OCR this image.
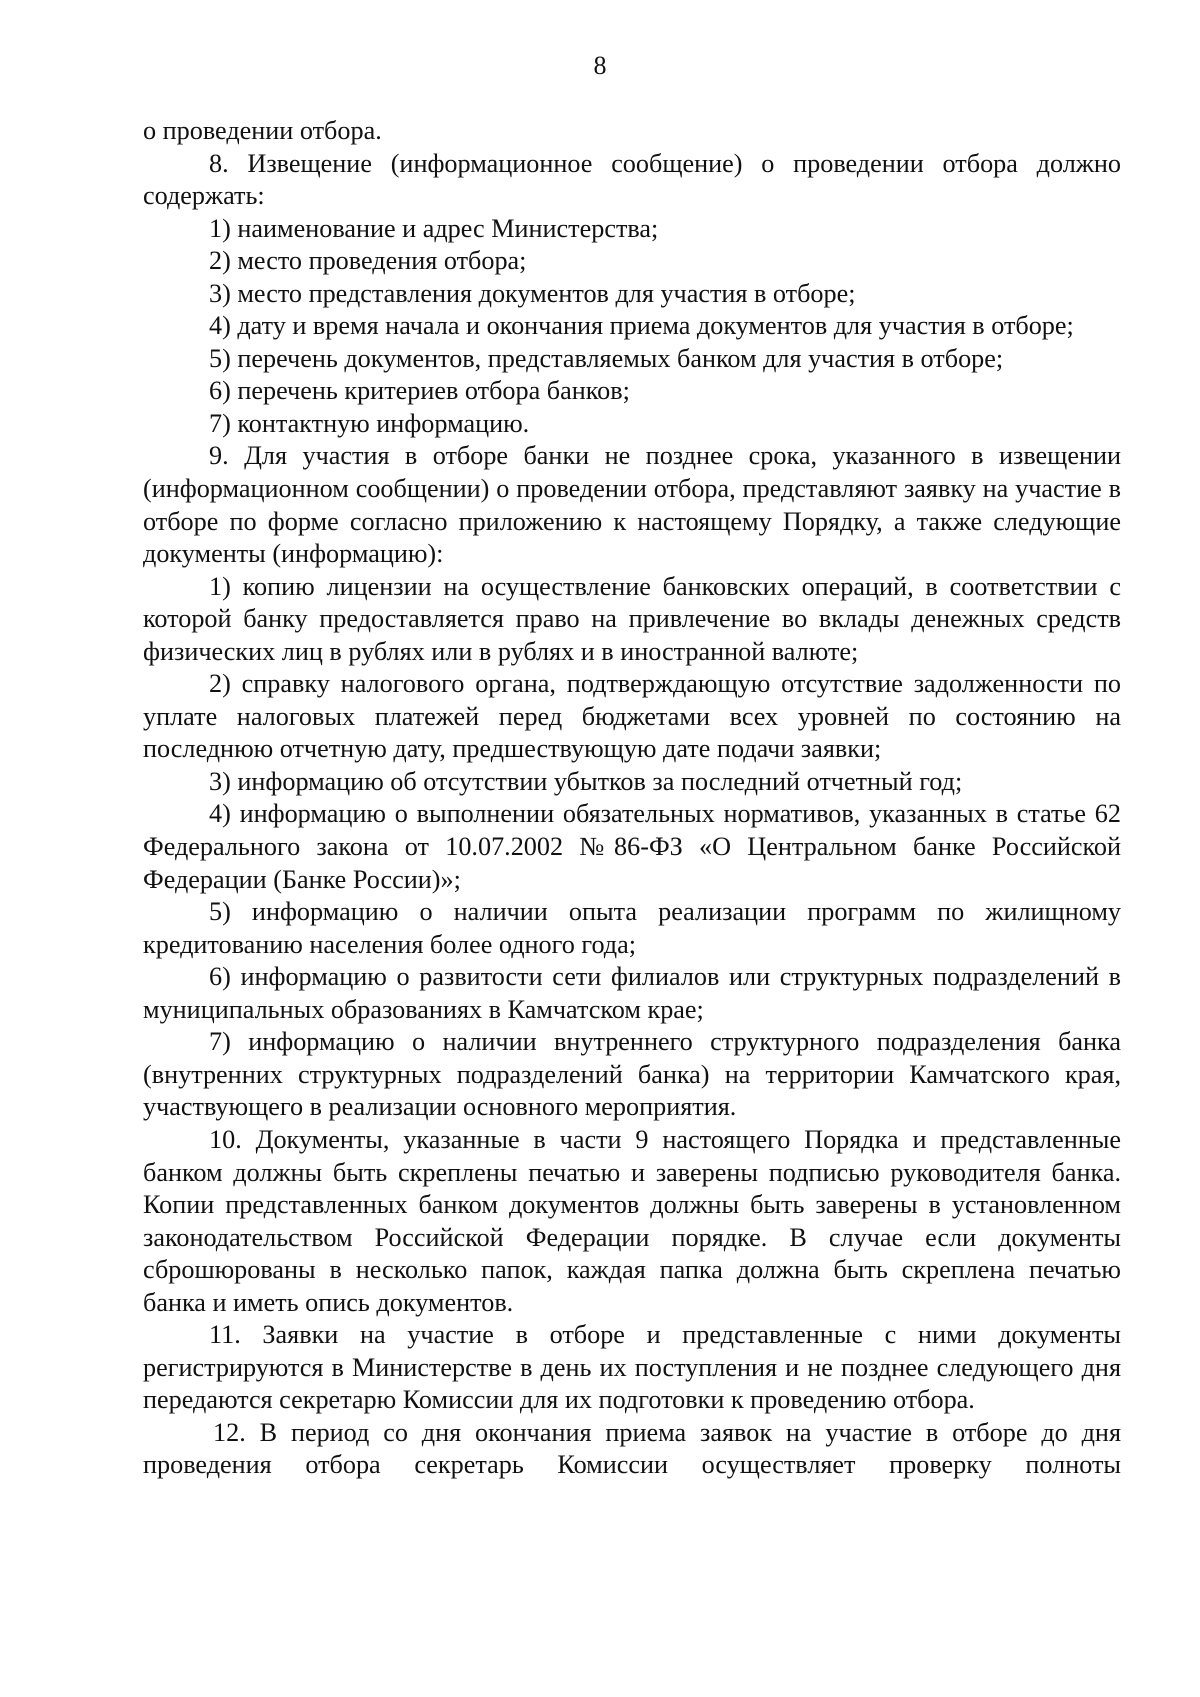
8

о проведении отбора.

8. Извещение (информационное сообщение) о проведении отбора должно содержать:

1) наименование и адрес Министерства;

2) место проведения отбора;

3) место представления документов для участия в отборе;

4) дату и время начала и окончания приема документов для участия в отборе;

5) перечень документов, представляемых банком для участия в отборе;

6) перечень критериев отбора банков;

7) контактную информацию.

9. Для участия в отборе банки не позднее срока, указанного в извещении (информационном сообщении) о проведении отбора, представляют заявку на участие в отборе по форме согласно приложению к настоящему Порядку, а также следующие документы (информацию):

1) копию лицензии на осуществление банковских операций, в соответствии с которой банку предоставляется право на привлечение во вклады денежных средств физических лиц в рублях или в рублях и в иностранной валюте;

2) справку налогового органа, подтверждающую отсутствие задолженности по уплате налоговых платежей перед бюджетами всех уровней по состоянию на последнюю отчетную дату, предшествующую дате подачи заявки;

3) информацию об отсутствии убытков за последний отчетный год;

4) информацию о выполнении обязательных нормативов, указанных в статье 62 Федерального закона от 10.07.2002 №86-ФЗ «О Центральном банке Российской Федерации (Банке России)»;

5) информацию о наличии опыта реализации программ по жилищному кредитованию населения более одного года;

6) информацию о развитости сети филиалов или структурных подразделений в муниципальных образованиях в Камчатском крае;

7) информацию о наличии внутреннего структурного подразделения банка (внутренних структурных подразделений банка) на территории Камчатского края, участвующего в реализации основного мероприятия.

10. Документы, указанные в части 9 настоящего Порядка и представленные банком должны быть скреплены печатью и заверены подписью руководителя банка. Копии представленных банком документов должны быть заверены в установленном законодательством Российской Федерации порядке. В случае если документы сброшюрованы в несколько папок, каждая папка должна быть скреплена печатью банка и иметь опись документов.

11. Заявки на участие в отборе и представленные с ними документы регистрируются в Министерстве в день их поступления и не позднее следующего дня передаются секретарю Комиссии для их подготовки к проведению отбора.

12. В период со дня окончания приема заявок на участие в отборе до дня проведения отбора секретарь Комиссии осуществляет проверку полноты
